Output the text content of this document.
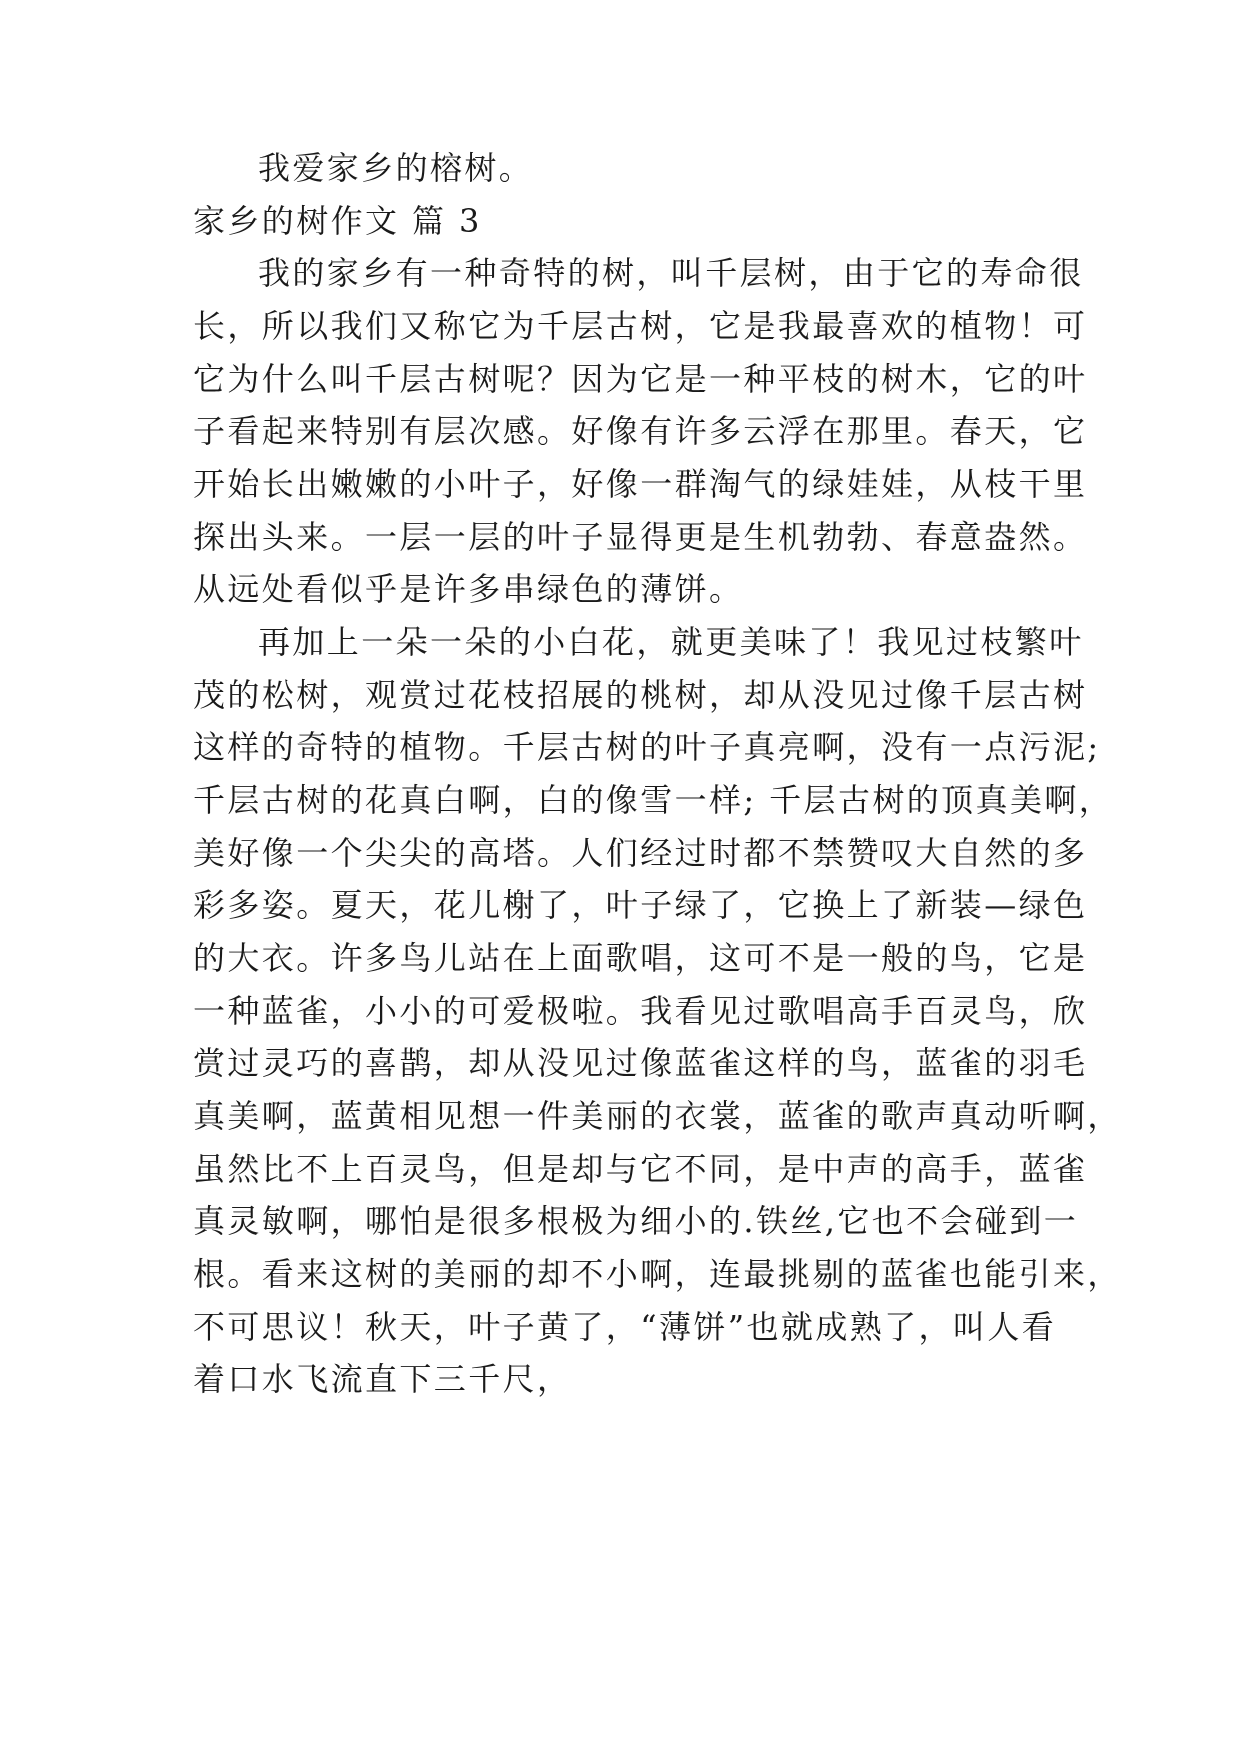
我爱家乡的榕树。
家乡的树作文 篇 3
我的家乡有一种奇特的树，叫千层树，由于它的寿命很
长，所以我们又称它为千层古树，它是我最喜欢的植物！可
它为什么叫千层古树呢？因为它是一种平枝的树木，它的叶
子看起来特别有层次感。好像有许多云浮在那里。春天，它
开始长出嫩嫩的小叶子，好像一群淘气的绿娃娃，从枝干里
探出头来。一层一层的叶子显得更是生机勃勃、春意盎然。
从远处看似乎是许多串绿色的薄饼。
再加上一朵一朵的小白花，就更美味了！我见过枝繁叶
茂的松树，观赏过花枝招展的桃树，却从没见过像千层古树
这样的奇特的植物。千层古树的叶子真亮啊，没有一点污泥;
千层古树的花真白啊，白的像雪一样; 千层古树的顶真美啊，
美好像一个尖尖的高塔。人们经过时都不禁赞叹大自然的多
彩多姿。夏天，花儿榭了，叶子绿了，它换上了新装—绿色
的大衣。许多鸟儿站在上面歌唱，这可不是一般的鸟，它是
一种蓝雀，小小的可爱极啦。我看见过歌唱高手百灵鸟，欣
赏过灵巧的喜鹊，却从没见过像蓝雀这样的鸟，蓝雀的羽毛
真美啊，蓝黄相见想一件美丽的衣裳，蓝雀的歌声真动听啊，
虽然比不上百灵鸟，但是却与它不同，是中声的高手，蓝雀
真灵敏啊，哪怕是很多根极为细小的.铁丝,它也不会碰到一
根。看来这树的美丽的却不小啊，连最挑剔的蓝雀也能引来，
不可思议！秋天，叶子黄了，“薄饼”也就成熟了，叫人看
着口水飞流直下三千尺，
